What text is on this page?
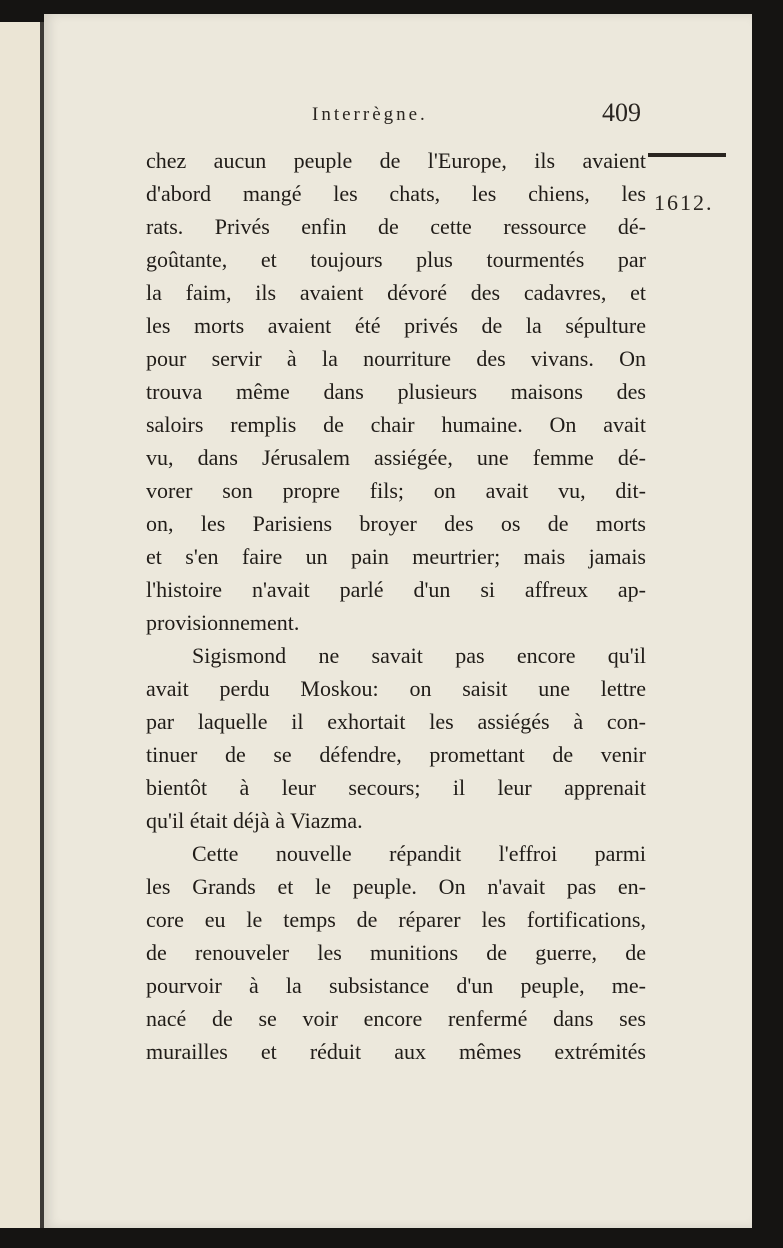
Interrègne.	409
1612.
chez aucun peuple de l'Europe, ils avaient
d'abord mangé les chats, les chiens, les
rats. Privés enfin de cette ressource dé-
goûtante, et toujours plus tourmentés par
la faim, ils avaient dévoré des cadavres, et
les morts avaient été privés de la sépulture
pour servir à la nourriture des vivans. On
trouva même dans plusieurs maisons des
saloirs remplis de chair humaine. On avait
vu, dans Jérusalem assiégée, une femme dé-
vorer son propre fils; on avait vu, dit-
on, les Parisiens broyer des os de morts
et s'en faire un pain meurtrier; mais jamais
l'histoire n'avait parlé d'un si affreux ap-
provisionnement.
Sigismond ne savait pas encore qu'il
avait perdu Moskou: on saisit une lettre
par laquelle il exhortait les assiégés à con-
tinuer de se défendre, promettant de venir
bientôt à leur secours; il leur apprenait
qu'il était déjà à Viazma.
Cette nouvelle répandit l'effroi parmi
les Grands et le peuple. On n'avait pas en-
core eu le temps de réparer les fortifications,
de renouveler les munitions de guerre, de
pourvoir à la subsistance d'un peuple, me-
nacé de se voir encore renfermé dans ses
murailles et réduit aux mêmes extrémités
